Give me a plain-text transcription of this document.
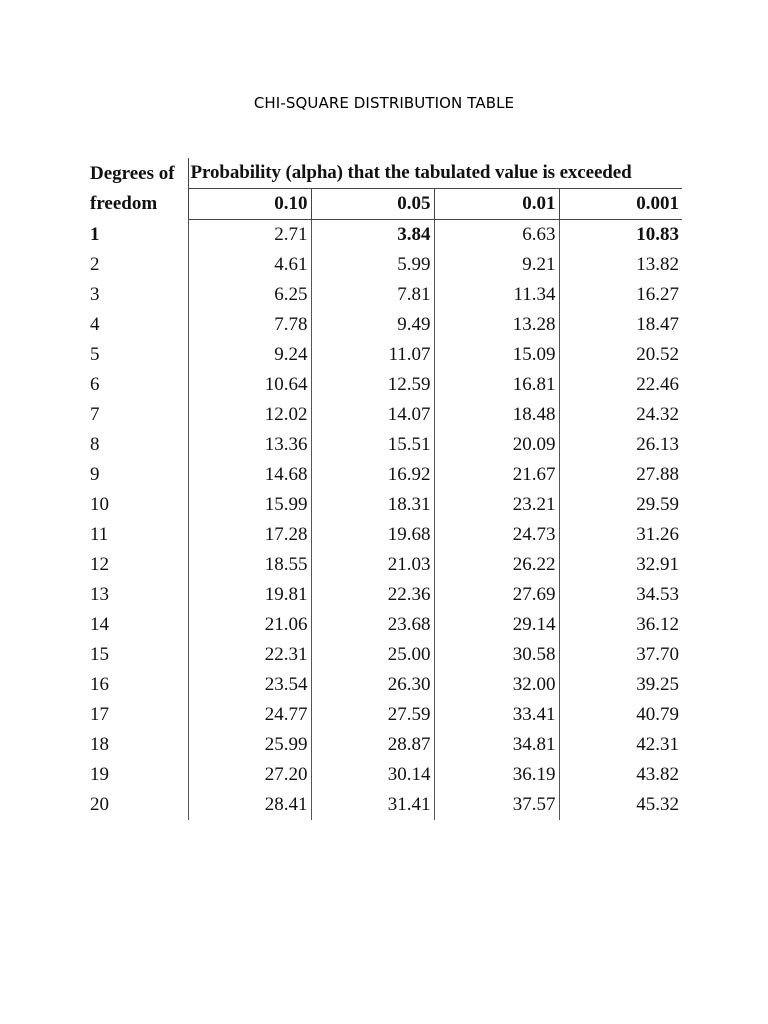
CHI-SQUARE DISTRIBUTION TABLE
Degrees of	Probability (alpha) that the tabulated value is exceeded			
freedom	0.10	0.05	0.01	0.001
1	2.71	3.84	6.63	10.83
2	4.61	5.99	9.21	13.82
3	6.25	7.81	11.34	16.27
4	7.78	9.49	13.28	18.47
5	9.24	11.07	15.09	20.52
6	10.64	12.59	16.81	22.46
7	12.02	14.07	18.48	24.32
8	13.36	15.51	20.09	26.13
9	14.68	16.92	21.67	27.88
10	15.99	18.31	23.21	29.59
11	17.28	19.68	24.73	31.26
12	18.55	21.03	26.22	32.91
13	19.81	22.36	27.69	34.53
14	21.06	23.68	29.14	36.12
15	22.31	25.00	30.58	37.70
16	23.54	26.30	32.00	39.25
17	24.77	27.59	33.41	40.79
18	25.99	28.87	34.81	42.31
19	27.20	30.14	36.19	43.82
20	28.41	31.41	37.57	45.32
